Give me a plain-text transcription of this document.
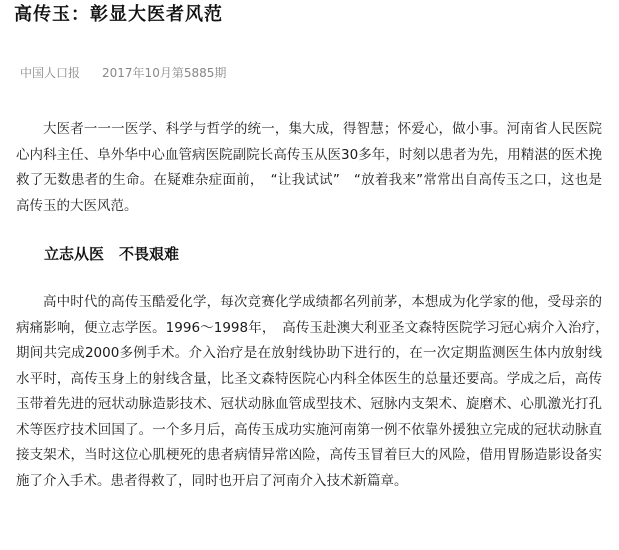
高传玉：彰显大医者风范
中国人口报 2017年10月第5885期

大医者一一一医学、科学与哲学的统一，集大成，得智慧；怀爱心，做小事。河南省人民医院心内科主任、阜外华中心血管病医院副院长高传玉从医30多年，时刻以患者为先，用精湛的医术挽救了无数患者的生命。在疑难杂症面前，　“让我试试”　“放着我来”常常出自高传玉之口，这也是高传玉的大医风范。

立志从医　不畏艰难

高中时代的高传玉酷爱化学，每次竞赛化学成绩都名列前茅，本想成为化学家的他，受母亲的病痛影响，便立志学医。1996～1998年，　高传玉赴澳大利亚圣文森特医院学习冠心病介入治疗，　期间共完成2000多例手术。介入治疗是在放射线协助下进行的，在一次定期监测医生体内放射线水平时，高传玉身上的射线含量，比圣文森特医院心内科全体医生的总量还要高。学成之后，高传玉带着先进的冠状动脉造影技术、冠状动脉血管成型技术、冠脉内支架术、旋磨术、心肌激光打孔术等医疗技术回国了。一个多月后，高传玉成功实施河南第一例不依靠外援独立完成的冠状动脉直接支架术，当时这位心肌梗死的患者病情异常凶险，高传玉冒着巨大的风险，借用胃肠造影设备实施了介入手术。患者得救了，同时也开启了河南介入技术新篇章。
